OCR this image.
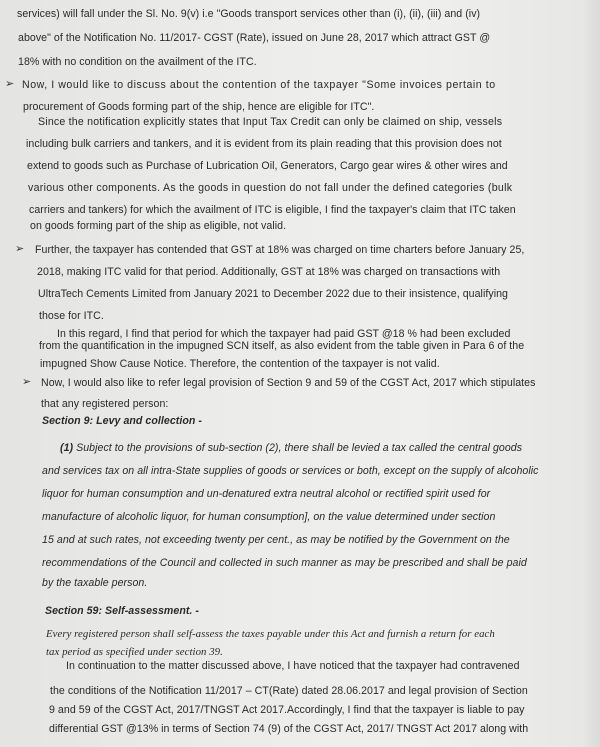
services) will fall under the Sl. No. 9(v) i.e "Goods transport services other than (i), (ii), (iii) and (iv)
above" of the Notification No. 11/2017- CGST (Rate), issued on June 28, 2017 which attract GST @
18% with no condition on the availment of the ITC.
➢ Now, I would like to discuss about the contention of the taxpayer "Some invoices pertain to
procurement of Goods forming part of the ship, hence are eligible for ITC".
Since the notification explicitly states that Input Tax Credit can only be claimed on ship, vessels
including bulk carriers and tankers, and it is evident from its plain reading that this provision does not
extend to goods such as Purchase of Lubrication Oil, Generators, Cargo gear wires & other wires and
various other components. As the goods in question do not fall under the defined categories (bulk
carriers and tankers) for which the availment of ITC is eligible, I find the taxpayer's claim that ITC taken
on goods forming part of the ship as eligible, not valid.
➢ Further, the taxpayer has contended that GST at 18% was charged on time charters before January 25,
2018, making ITC valid for that period. Additionally, GST at 18% was charged on transactions with
UltraTech Cements Limited from January 2021 to December 2022 due to their insistence, qualifying
those for ITC.
In this regard, I find that period for which the taxpayer had paid GST @18 % had been excluded
from the quantification in the impugned SCN itself, as also evident from the table given in Para 6 of the
impugned Show Cause Notice. Therefore, the contention of the taxpayer is not valid.
➢ Now, I would also like to refer legal provision of Section 9 and 59 of the CGST Act, 2017 which stipulates
that any registered person:
Section 9: Levy and collection -
(1) Subject to the provisions of sub-section (2), there shall be levied a tax called the central goods
and services tax on all intra-State supplies of goods or services or both, except on the supply of alcoholic
liquor for human consumption and un-denatured extra neutral alcohol or rectified spirit used for
manufacture of alcoholic liquor, for human consumption], on the value determined under section
15 and at such rates, not exceeding twenty per cent., as may be notified by the Government on the
recommendations of the Council and collected in such manner as may be prescribed and shall be paid
by the taxable person.
Section 59: Self-assessment. -
Every registered person shall self-assess the taxes payable under this Act and furnish a return for each
tax period as specified under section 39.
In continuation to the matter discussed above, I have noticed that the taxpayer had contravened
the conditions of the Notification 11/2017 – CT(Rate) dated 28.06.2017 and legal provision of Section
9 and 59 of the CGST Act, 2017/TNGST Act 2017.Accordingly, I find that the taxpayer is liable to pay
differential GST @13% in terms of Section 74 (9) of the CGST Act, 2017/ TNGST Act 2017 along with
